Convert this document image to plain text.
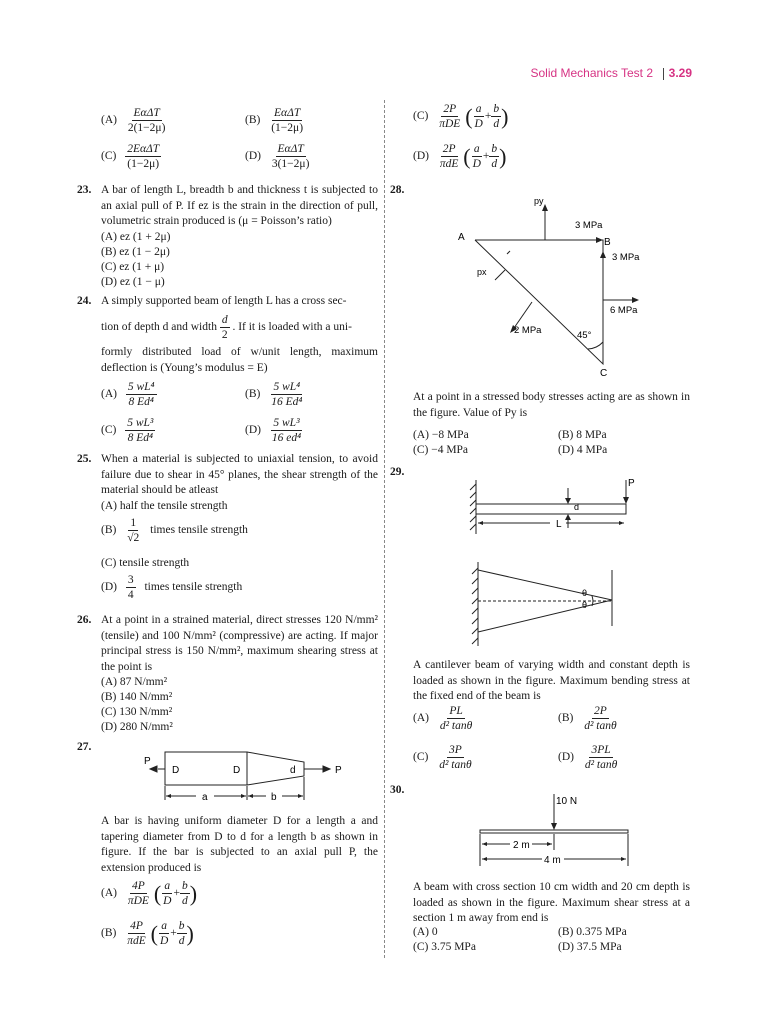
Solid Mechanics Test 2 3.29
$(A) \frac{\text{EαΔT}}{2(1-2\mu)}$	$(B) \frac{\text{EαΔT}}{(1-2\mu)}$
$(C) \frac{\text{2EαΔT}}{(1-2\mu)}$	$(D) \frac{\text{EαΔT}}{3(1-2\mu)}$
23. A bar of length L, breadth b and thickness t is subjected to an axial pull of P. If ez is the strain in the direction of pull, volumetric strain produced is (μ = Poisson’s ratio)
(A) ez (1 + 2μ)
(B) ez (1 − 2μ)
(C) ez (1 + μ)
(D) ez (1 − μ)
24. A simply supported beam of length L has a cross sec-
tion of depth d and width $\frac{d}{2}$ . If it is loaded with a uni-
formly distributed load of w/unit length, maximum deflection is (Young’s modulus = E)
$(A) \frac{\text{5 wL⁴}}{\text{8 Ed⁴}}$	$(B) \frac{\text{5 wL⁴}}{\text{16 Ed⁴}}$
$(C) \frac{\text{5 wL³}}{\text{8 Ed⁴}}$	$(D) \frac{\text{5 wL³}}{\text{16 ed⁴}}$
25. When a material is subjected to uniaxial tension, to avoid failure due to shear in 45° planes, the shear strength of the material should be atleast
(A) half the tensile strength
$(B) \frac{1}{√2}$ times tensile strength
(C) tensile strength
$(D) \frac{3}{4}$ times tensile strength
26. At a point in a strained material, direct stresses 120 N/mm² (tensile) and 100 N/mm² (compressive) are acting. If major principal stress is 150 N/mm², maximum shearing stress at the point is
(A) 87 N/mm²
(B) 140 N/mm²
(C) 130 N/mm²
(D) 280 N/mm²
27.
P
D	D	d	P
a	b
A bar is having uniform diameter D for a length a and tapering diameter from D to d for a length b as shown in figure. If the bar is subjected to an axial pull P, the extension produced is
$(A) \frac{4P}{\text{πDE}}$ ( $\frac{a}{D} + \frac{b}{d}$ )
$(B) \frac{4P}{\text{πdE}}$ ( $\frac{a}{D} + \frac{b}{d}$ )
$(C) \frac{2P}{\text{πDE}}$ ( $\frac{a}{D} + \frac{b}{d}$ )
$(D) \frac{2P}{\text{πdE}}$ ( $\frac{a}{D} + \frac{b}{d}$ )
28.
py
px
A	B
C
3 MPa
3 MPa
6 MPa
2 MPa	45°
At a point in a stressed body stresses acting are as shown in the figure. Value of Py is
(A) −8 MPa	(B) 8 MPa
(C) −4 MPa	(D) 4 MPa
29.
P
d
L
θ
θ
A cantilever beam of varying width and constant depth is loaded as shown in the figure. Maximum bending stress at the fixed end of the beam is
$(A) \frac{PL}{\text{d² tanθ}}$	$(B) \frac{2P}{\text{d² tanθ}}$
$(C) \frac{3P}{\text{d² tanθ}}$	$(D) \frac{3PL}{\text{d² tanθ}}$
30.
10 N
2 m
4 m
A beam with cross section 10 cm width and 20 cm depth is loaded as shown in the figure. Maximum shear stress at a section 1 m away from end is
(A) 0	(B) 0.375 MPa
(C) 3.75 MPa	(D) 37.5 MPa
